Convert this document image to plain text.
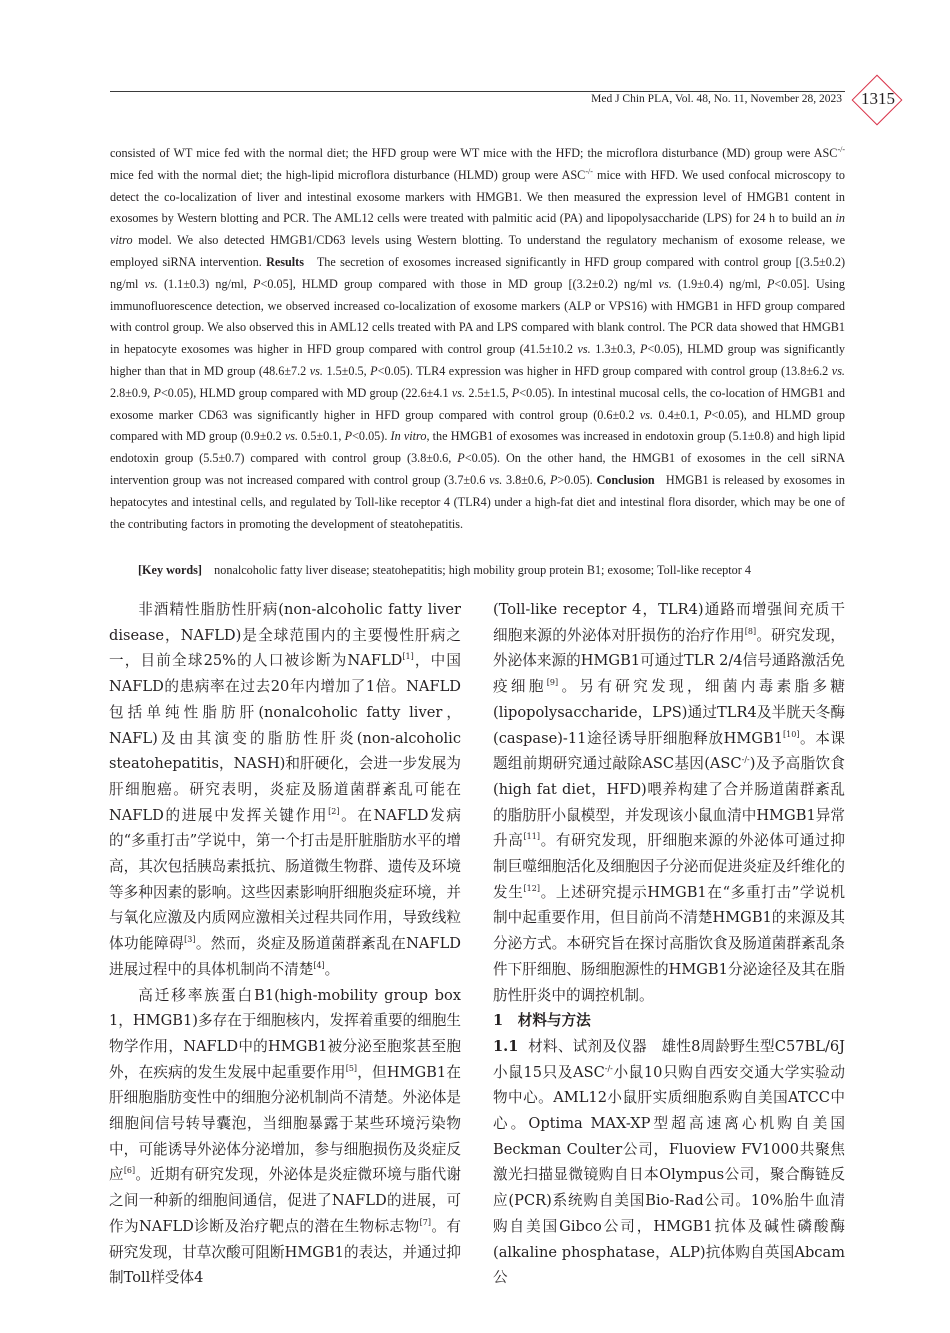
Med J Chin PLA, Vol. 48, No. 11, November 28, 2023	1315

consisted of WT mice fed with the normal diet; the HFD group were WT mice with the HFD; the microflora disturbance (MD) group were ASC-/- mice fed with the normal diet; the high-lipid microflora disturbance (HLMD) group were ASC-/- mice with HFD. We used confocal microscopy to detect the co-localization of liver and intestinal exosome markers with HMGB1. We then measured the expression level of HMGB1 content in exosomes by Western blotting and PCR. The AML12 cells were treated with palmitic acid (PA) and lipopolysaccharide (LPS) for 24 h to build an in vitro model. We also detected HMGB1/CD63 levels using Western blotting. To understand the regulatory mechanism of exosome release, we employed siRNA intervention. Results The secretion of exosomes increased significantly in HFD group compared with control group [(3.5±0.2) ng/ml vs. (1.1±0.3) ng/ml, P<0.05], HLMD group compared with those in MD group [(3.2±0.2) ng/ml vs. (1.9±0.4) ng/ml, P<0.05]. Using immunofluorescence detection, we observed increased co-localization of exosome markers (ALP or VPS16) with HMGB1 in HFD group compared with control group. We also observed this in AML12 cells treated with PA and LPS compared with blank control. The PCR data showed that HMGB1 in hepatocyte exosomes was higher in HFD group compared with control group (41.5±10.2 vs. 1.3±0.3, P<0.05), HLMD group was significantly higher than that in MD group (48.6±7.2 vs. 1.5±0.5, P<0.05). TLR4 expression was higher in HFD group compared with control group (13.8±6.2 vs. 2.8±0.9, P<0.05), HLMD group compared with MD group (22.6±4.1 vs. 2.5±1.5, P<0.05). In intestinal mucosal cells, the co-location of HMGB1 and exosome marker CD63 was significantly higher in HFD group compared with control group (0.6±0.2 vs. 0.4±0.1, P<0.05), and HLMD group compared with MD group (0.9±0.2 vs. 0.5±0.1, P<0.05). In vitro, the HMGB1 of exosomes was increased in endotoxin group (5.1±0.8) and high lipid endotoxin group (5.5±0.7) compared with control group (3.8±0.6, P<0.05). On the other hand, the HMGB1 of exosomes in the cell siRNA intervention group was not increased compared with control group (3.7±0.6 vs. 3.8±0.6, P>0.05). Conclusion HMGB1 is released by exosomes in hepatocytes and intestinal cells, and regulated by Toll-like receptor 4 (TLR4) under a high-fat diet and intestinal flora disorder, which may be one of the contributing factors in promoting the development of steatohepatitis.

[Key words] nonalcoholic fatty liver disease; steatohepatitis; high mobility group protein B1; exosome; Toll-like receptor 4

非酒精性脂肪性肝病(non-alcoholic fatty liver disease，NAFLD)是全球范围内的主要慢性肝病之一，目前全球25%的人口被诊断为NAFLD[1]，中国NAFLD的患病率在过去20年内增加了1倍。NAFLD包括单纯性脂肪肝(nonalcoholic fatty liver，NAFL)及由其演变的脂肪性肝炎(non-alcoholic steatohepatitis，NASH)和肝硬化，会进一步发展为肝细胞癌。研究表明，炎症及肠道菌群紊乱可能在NAFLD的进展中发挥关键作用[2]。在NAFLD发病的“多重打击”学说中，第一个打击是肝脏脂肪水平的增高，其次包括胰岛素抵抗、肠道微生物群、遗传及环境等多种因素的影响。这些因素影响肝细胞炎症环境，并与氧化应激及内质网应激相关过程共同作用，导致线粒体功能障碍[3]。然而，炎症及肠道菌群紊乱在NAFLD进展过程中的具体机制尚不清楚[4]。

高迁移率族蛋白B1(high-mobility group box 1，HMGB1)多存在于细胞核内，发挥着重要的细胞生物学作用，NAFLD中的HMGB1被分泌至胞浆甚至胞外，在疾病的发生发展中起重要作用[5]，但HMGB1在肝细胞脂肪变性中的细胞分泌机制尚不清楚。外泌体是细胞间信号转导囊泡，当细胞暴露于某些环境污染物中，可能诱导外泌体分泌增加，参与细胞损伤及炎症反应[6]。近期有研究发现，外泌体是炎症微环境与脂代谢之间一种新的细胞间通信，促进了NAFLD的进展，可作为NAFLD诊断及治疗靶点的潜在生物标志物[7]。有研究发现，甘草次酸可阻断HMGB1的表达，并通过抑制Toll样受体4

(Toll-like receptor 4，TLR4)通路而增强间充质干细胞来源的外泌体对肝损伤的治疗作用[8]。研究发现，外泌体来源的HMGB1可通过TLR 2/4信号通路激活免疫细胞[9]。另有研究发现，细菌内毒素脂多糖(lipopolysaccharide，LPS)通过TLR4及半胱天冬酶(caspase)-11途径诱导肝细胞释放HMGB1[10]。本课题组前期研究通过敲除ASC基因(ASC-/-)及予高脂饮食(high fat diet，HFD)喂养构建了合并肠道菌群紊乱的脂肪肝小鼠模型，并发现该小鼠血清中HMGB1异常升高[11]。有研究发现，肝细胞来源的外泌体可通过抑制巨噬细胞活化及细胞因子分泌而促进炎症及纤维化的发生[12]。上述研究提示HMGB1在“多重打击”学说机制中起重要作用，但目前尚不清楚HMGB1的来源及其分泌方式。本研究旨在探讨高脂饮食及肠道菌群紊乱条件下肝细胞、肠细胞源性的HMGB1分泌途径及其在脂肪性肝炎中的调控机制。

1　材料与方法

1.1 材料、试剂及仪器 雄性8周龄野生型C57BL/6J小鼠15只及ASC-/-小鼠10只购自西安交通大学实验动物中心。AML12小鼠肝实质细胞系购自美国ATCC中心。Optima MAX-XP型超高速离心机购自美国Beckman Coulter公司，Fluoview FV1000共聚焦激光扫描显微镜购自日本Olympus公司，聚合酶链反应(PCR)系统购自美国Bio-Rad公司。10%胎牛血清购自美国Gibco公司，HMGB1抗体及碱性磷酸酶(alkaline phosphatase，ALP)抗体购自英国Abcam公
